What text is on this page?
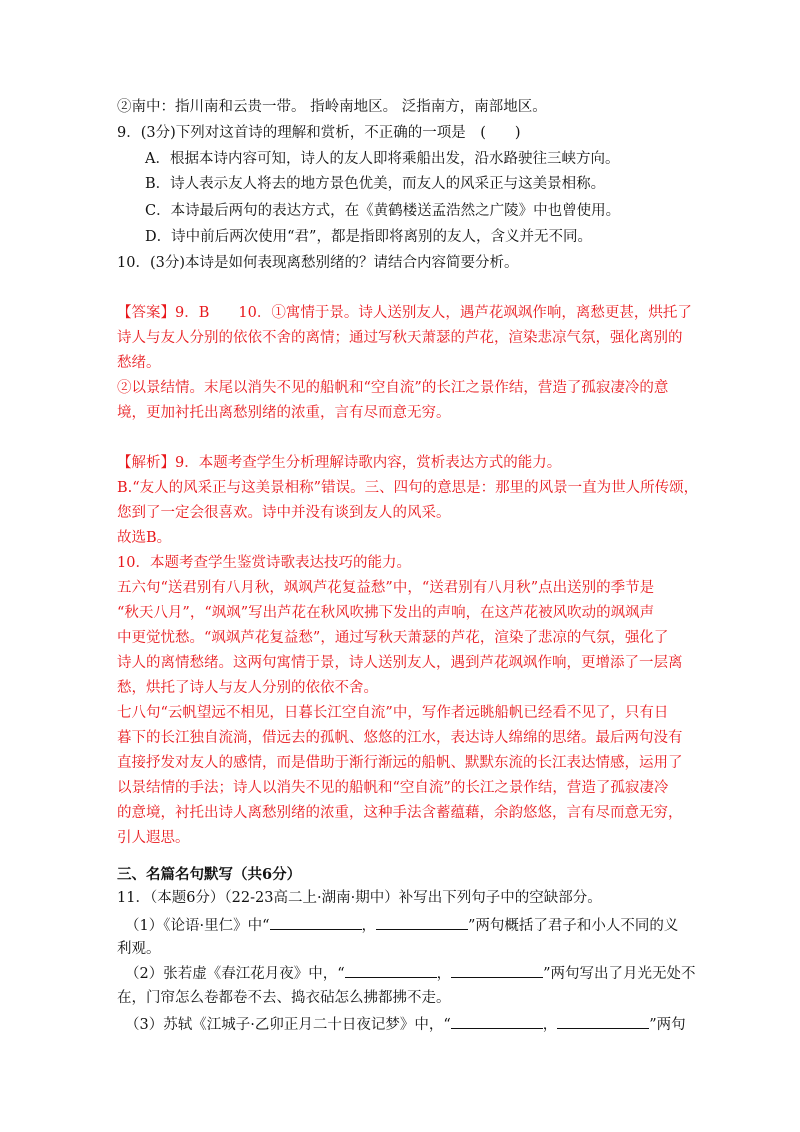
②南中：指川南和云贵一带。 指岭南地区。 泛指南方，南部地区。
9．(3分)下列对这首诗的理解和赏析，不正确的一项是　(　　)
A．根据本诗内容可知，诗人的友人即将乘船出发，沿水路驶往三峡方向。
B．诗人表示友人将去的地方景色优美，而友人的风采正与这美景相称。
C．本诗最后两句的表达方式，在《黄鹤楼送孟浩然之广陵》中也曾使用。
D．诗中前后两次使用“君”，都是指即将离别的友人，含义并无不同。
10．(3分)本诗是如何表现离愁别绪的？请结合内容简要分析。
【答案】9．B　　10．①寓情于景。诗人送别友人，遇芦花飒飒作响，离愁更甚，烘托了
诗人与友人分别的依依不舍的离情；通过写秋天萧瑟的芦花，渲染悲凉气氛，强化离别的
愁绪。
②以景结情。末尾以消失不见的船帆和“空自流”的长江之景作结，营造了孤寂凄冷的意
境，更加衬托出离愁别绪的浓重，言有尽而意无穷。
【解析】9．本题考查学生分析理解诗歌内容，赏析表达方式的能力。
B.“友人的风采正与这美景相称”错误。三、四句的意思是：那里的风景一直为世人所传颂，
您到了一定会很喜欢。诗中并没有谈到友人的风采。
故选B。
10．本题考查学生鉴赏诗歌表达技巧的能力。
五六句“送君别有八月秋，飒飒芦花复益愁”中，“送君别有八月秋”点出送别的季节是
“秋天八月”，“飒飒”写出芦花在秋风吹拂下发出的声响，在这芦花被风吹动的飒飒声
中更觉忧愁。“飒飒芦花复益愁”，通过写秋天萧瑟的芦花，渲染了悲凉的气氛，强化了
诗人的离情愁绪。这两句寓情于景，诗人送别友人，遇到芦花飒飒作响，更增添了一层离
愁，烘托了诗人与友人分别的依依不舍。
七八句“云帆望远不相见，日暮长江空自流”中，写作者远眺船帆已经看不见了，只有日
暮下的长江独自流淌，借远去的孤帆、悠悠的江水，表达诗人绵绵的思绪。最后两句没有
直接抒发对友人的感情，而是借助于渐行渐远的船帆、默默东流的长江表达情感，运用了
以景结情的手法；诗人以消失不见的船帆和“空自流”的长江之景作结，营造了孤寂凄冷
的意境，衬托出诗人离愁别绪的浓重，这种手法含蓄蕴藉，余韵悠悠，言有尽而意无穷，
引人遐思。
三、名篇名句默写（共6分）
11．（本题6分）（22-23高二上·湖南·期中）补写出下列句子中的空缺部分。
（1）《论语·里仁》中“	，	”两句概括了君子和小人不同的义
利观。
（2）张若虚《春江花月夜》中，“	，	”两句写出了月光无处不
在，门帘怎么卷都卷不去、捣衣砧怎么拂都拂不走。
（3）苏轼《江城子·乙卯正月二十日夜记梦》中，“	，	”两句
